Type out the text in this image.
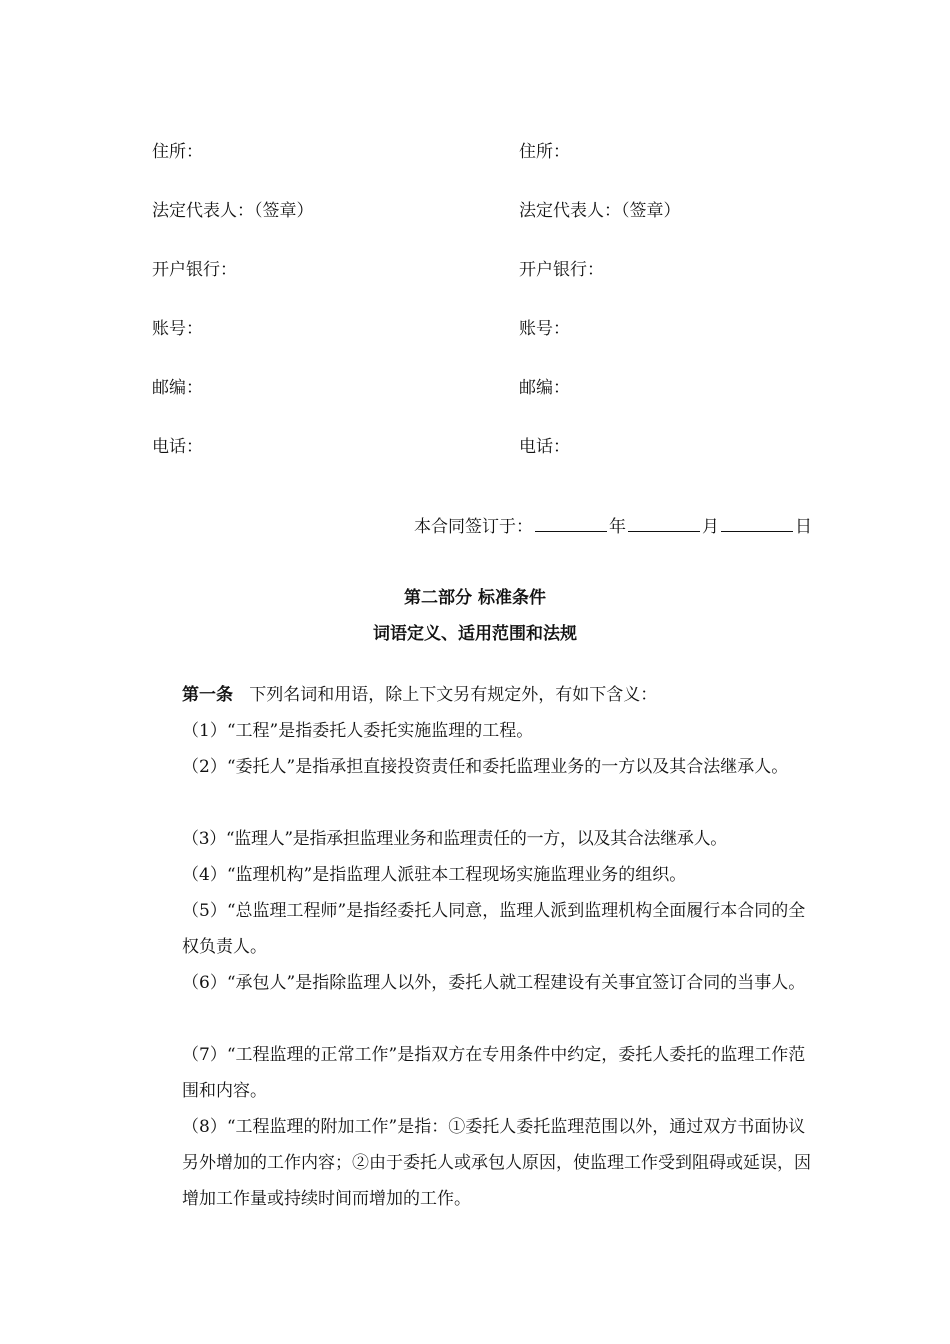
住所：	住所：
法定代表人：（签章）	法定代表人：（签章）
开户银行：	开户银行：
账号：	账号：
邮编：	邮编：
电话：	电话：
本合同签订于：	年	月	日
第二部分 标准条件
词语定义、适用范围和法规
第一条 下列名词和用语，除上下文另有规定外，有如下含义：
（1）“工程”是指委托人委托实施监理的工程。
（2）“委托人”是指承担直接投资责任和委托监理业务的一方以及其合法继承人。
（3）“监理人”是指承担监理业务和监理责任的一方，以及其合法继承人。
（4）“监理机构”是指监理人派驻本工程现场实施监理业务的组织。
（5）“总监理工程师”是指经委托人同意，监理人派到监理机构全面履行本合同的全权负责人。
（6）“承包人”是指除监理人以外，委托人就工程建设有关事宜签订合同的当事人。
（7）“工程监理的正常工作”是指双方在专用条件中约定，委托人委托的监理工作范围和内容。
（8）“工程监理的附加工作”是指：①委托人委托监理范围以外，通过双方书面协议另外增加的工作内容；②由于委托人或承包人原因，使监理工作受到阻碍或延误，因增加工作量或持续时间而增加的工作。
